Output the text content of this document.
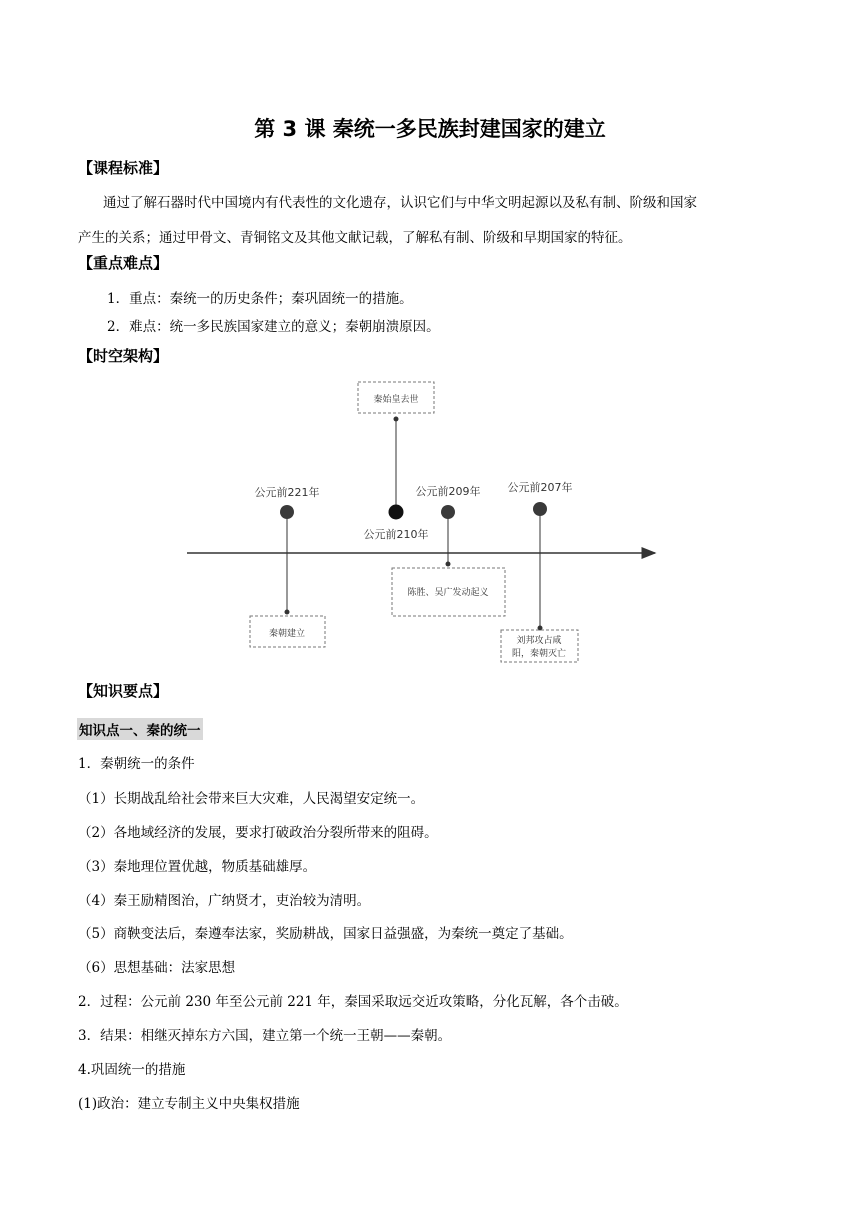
第 3 课 秦统一多民族封建国家的建立
【课程标准】
通过了解石器时代中国境内有代表性的文化遗存，认识它们与中华文明起源以及私有制、阶级和国家
产生的关系；通过甲骨文、青铜铭文及其他文献记载，了解私有制、阶级和早期国家的特征。
【重点难点】
1．重点：秦统一的历史条件；秦巩固统一的措施。
2．难点：统一多民族国家建立的意义；秦朝崩溃原因。
【时空架构】
公元前221年
秦朝建立
秦始皇去世
公元前210年
公元前209年
陈胜、吴广发动起义
公元前207年
刘邦攻占咸
阳，秦朝灭亡
【知识要点】
知识点一、秦的统一
1．秦朝统一的条件
（1）长期战乱给社会带来巨大灾难，人民渴望安定统一。
（2）各地域经济的发展，要求打破政治分裂所带来的阻碍。
（3）秦地理位置优越，物质基础雄厚。
（4）秦王励精图治，广纳贤才，吏治较为清明。
（5）商鞅变法后，秦遵奉法家，奖励耕战，国家日益强盛，为秦统一奠定了基础。
（6）思想基础：法家思想
2．过程：公元前 230 年至公元前 221 年，秦国采取远交近攻策略，分化瓦解，各个击破。
3．结果：相继灭掉东方六国，建立第一个统一王朝——秦朝。
4.巩固统一的措施
(1)政治：建立专制主义中央集权措施
